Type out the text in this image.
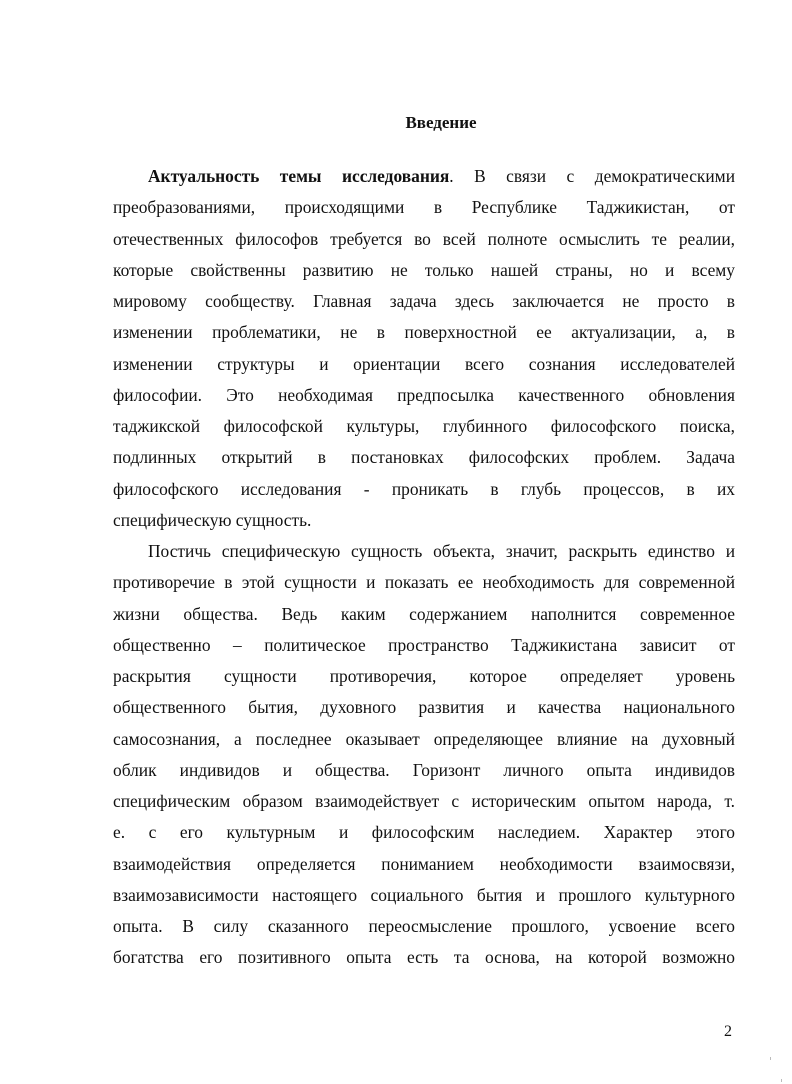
Введение
Актуальность темы исследования. В связи с демократическими
преобразованиями, происходящими в Республике Таджикистан, от
отечественных философов требуется во всей полноте осмыслить те реалии,
которые свойственны развитию не только нашей страны, но и всему
мировому сообществу. Главная задача здесь заключается не просто в
изменении проблематики, не в поверхностной ее актуализации, а, в
изменении структуры и ориентации всего сознания исследователей
философии. Это необходимая предпосылка качественного обновления
таджикской философской культуры, глубинного философского поиска,
подлинных открытий в постановках философских проблем. Задача
философского исследования - проникать в глубь процессов, в их
специфическую сущность.
Постичь специфическую сущность объекта, значит, раскрыть единство и
противоречие в этой сущности и показать ее необходимость для современной
жизни общества. Ведь каким содержанием наполнится современное
общественно – политическое пространство Таджикистана зависит от
раскрытия сущности противоречия, которое определяет уровень
общественного бытия, духовного развития и качества национального
самосознания, а последнее оказывает определяющее влияние на духовный
облик индивидов и общества. Горизонт личного опыта индивидов
специфическим образом взаимодействует с историческим опытом народа, т.
е. с его культурным и философским наследием. Характер этого
взаимодействия определяется пониманием необходимости взаимосвязи,
взаимозависимости настоящего социального бытия и прошлого культурного
опыта. В силу сказанного переосмысление прошлого, усвоение всего
богатства его позитивного опыта есть та основа, на которой возможно
2
